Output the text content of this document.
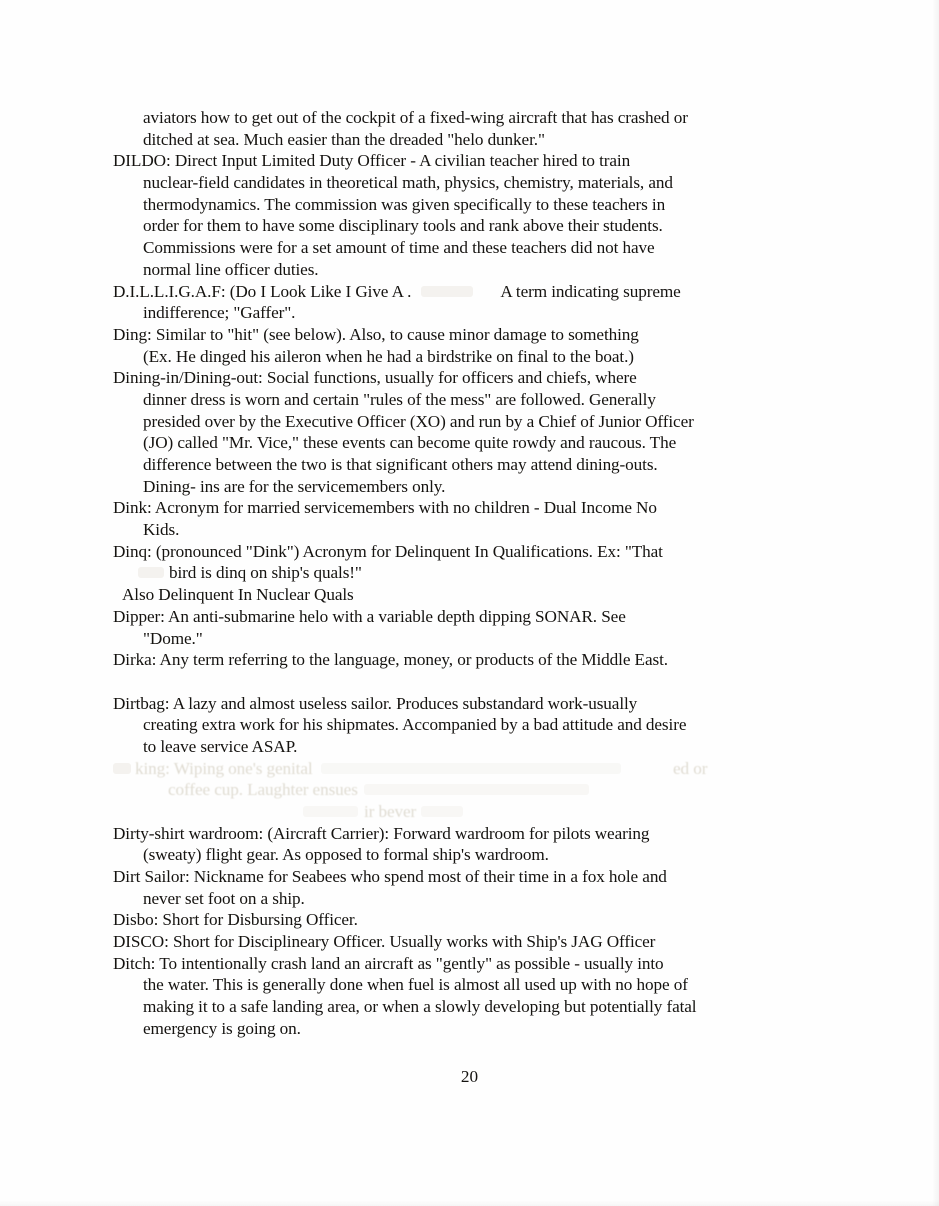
aviators how to get out of the cockpit of a fixed-wing aircraft that has crashed or
ditched at sea. Much easier than the dreaded "helo dunker."
DILDO: Direct Input Limited Duty Officer - A civilian teacher hired to train
nuclear-field candidates in theoretical math, physics, chemistry, materials, and
thermodynamics. The commission was given specifically to these teachers in
order for them to have some disciplinary tools and rank above their students.
Commissions were for a set amount of time and these teachers did not have
normal line officer duties.
D.I.L.L.I.G.A.F: (Do I Look Like I Give A .	A term indicating supreme
indifference; "Gaffer".
Ding: Similar to "hit" (see below). Also, to cause minor damage to something
(Ex. He dinged his aileron when he had a birdstrike on final to the boat.)
Dining-in/Dining-out: Social functions, usually for officers and chiefs, where
dinner dress is worn and certain "rules of the mess" are followed. Generally
presided over by the Executive Officer (XO) and run by a Chief of Junior Officer
(JO) called "Mr. Vice," these events can become quite rowdy and raucous. The
difference between the two is that significant others may attend dining-outs.
Dining- ins are for the servicemembers only.
Dink: Acronym for married servicemembers with no children - Dual Income No
Kids.
Dinq: (pronounced "Dink") Acronym for Delinquent In Qualifications. Ex: "That
bird is dinq on ship's quals!"
Also Delinquent In Nuclear Quals
Dipper: An anti-submarine helo with a variable depth dipping SONAR. See
"Dome."
Dirka: Any term referring to the language, money, or products of the Middle East.
Dirtbag: A lazy and almost useless sailor. Produces substandard work-usually
creating extra work for his shipmates. Accompanied by a bad attitude and desire
to leave service ASAP.
king: Wiping one's genital	ed or
coffee cup. Laughter ensues
ir bever
Dirty-shirt wardroom: (Aircraft Carrier): Forward wardroom for pilots wearing
(sweaty) flight gear. As opposed to formal ship's wardroom.
Dirt Sailor: Nickname for Seabees who spend most of their time in a fox hole and
never set foot on a ship.
Disbo: Short for Disbursing Officer.
DISCO: Short for Disciplineary Officer. Usually works with Ship's JAG Officer
Ditch: To intentionally crash land an aircraft as "gently" as possible - usually into
the water. This is generally done when fuel is almost all used up with no hope of
making it to a safe landing area, or when a slowly developing but potentially fatal
emergency is going on.
20
